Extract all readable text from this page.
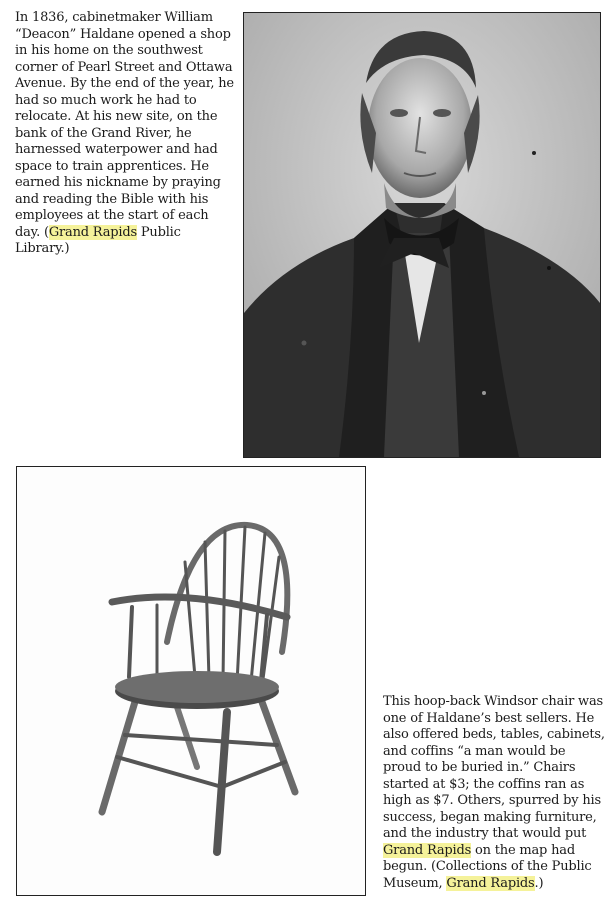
In 1836, cabinetmaker William “Deacon” Haldane opened a shop in his home on the southwest corner of Pearl Street and Ottawa Avenue. By the end of the year, he had so much work he had to relocate. At his new site, on the bank of the Grand River, he harnessed waterpower and had space to train apprentices. He earned his nickname by praying and reading the Bible with his employees at the start of each day. (Grand Rapids Public Library.)
This hoop-back Windsor chair was one of Haldane’s best sellers. He also offered beds, tables, cabinets, and coffins “a man would be proud to be buried in.” Chairs started at $3; the coffins ran as high as $7. Others, spurred by his success, began making furniture, and the industry that would put Grand Rapids on the map had begun. (Collections of the Public Museum, Grand Rapids.)
